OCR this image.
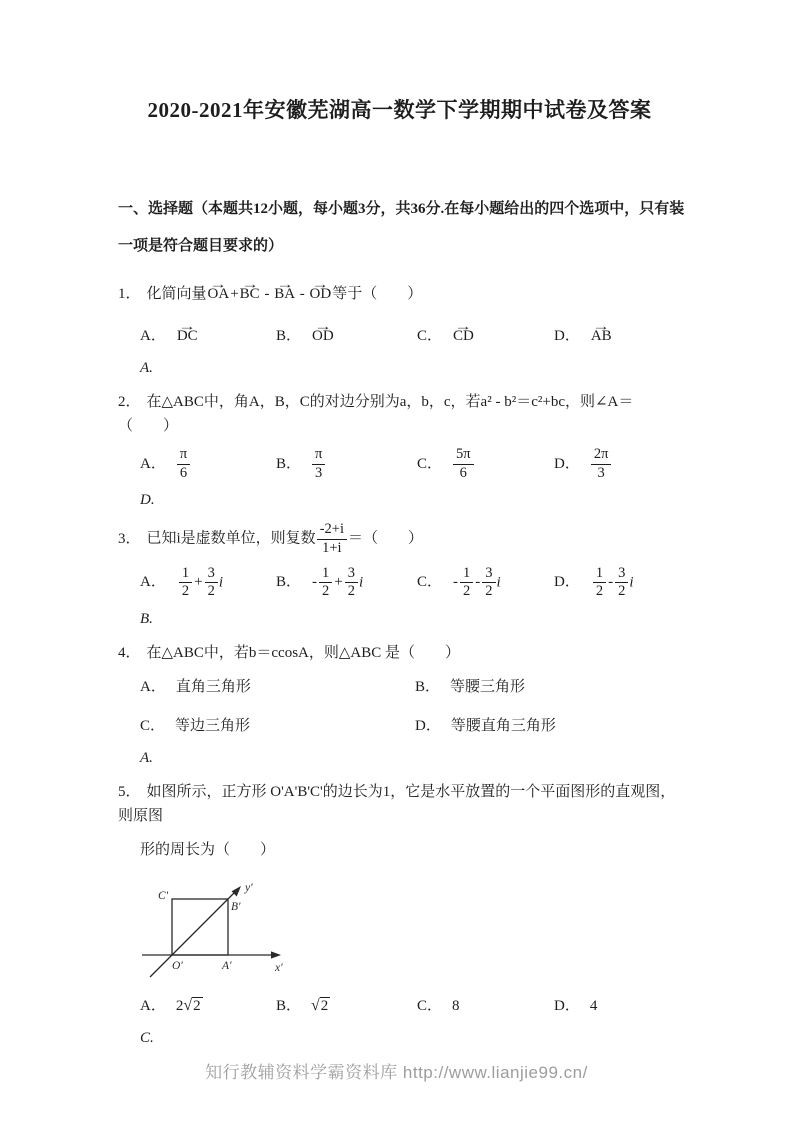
2020-2021年安徽芜湖高一数学下学期期中试卷及答案
一、选择题（本题共12小题，每小题3分，共36分.在每小题给出的四个选项中，只有装
一项是符合题目要求的）
1． 化简向量→ OA+→ BC - → BA - → OD等于（　　）
A． → DC	B． → OD	C． → CD	D． → AB
A.
2． 在△ABC中，角A，B，C的对边分别为a，b，c，若a² - b²＝c²+bc，则∠A＝（　　）
A． $\frac{\pi}{6}$	B． $\frac{\pi}{3}$	C． $\frac{5\pi}{6}$	D． $\frac{2\pi}{3}$
D.
3． 已知i是虚数单位，则复数 $\frac{-2+i}{1+i}$ ＝（　　）
A． $\frac{1}{2} + \frac{3}{2}$ i	B． - $\frac{1}{2} + \frac{3}{2}$ i	C． - $\frac{1}{2} - \frac{3}{2}$ i	D． $\frac{1}{2} - \frac{3}{2}$ i
B.
4． 在△ABC中，若b＝ccosA，则△ABC 是（　　）
A． 直角三角形	B． 等腰三角形
C． 等边三角形	D． 等腰直角三角形
A.
5． 如图所示，正方形 O'A'B'C'的边长为1，它是水平放置的一个平面图形的直观图，则原图
形的周长为（　　）
C'
B'
y'
O'	A'	x'
A． 2√2	B． √2	C． 8	D． 4
C.
知行教辅资料学霸资料库 http://www.lianjie99.cn/
